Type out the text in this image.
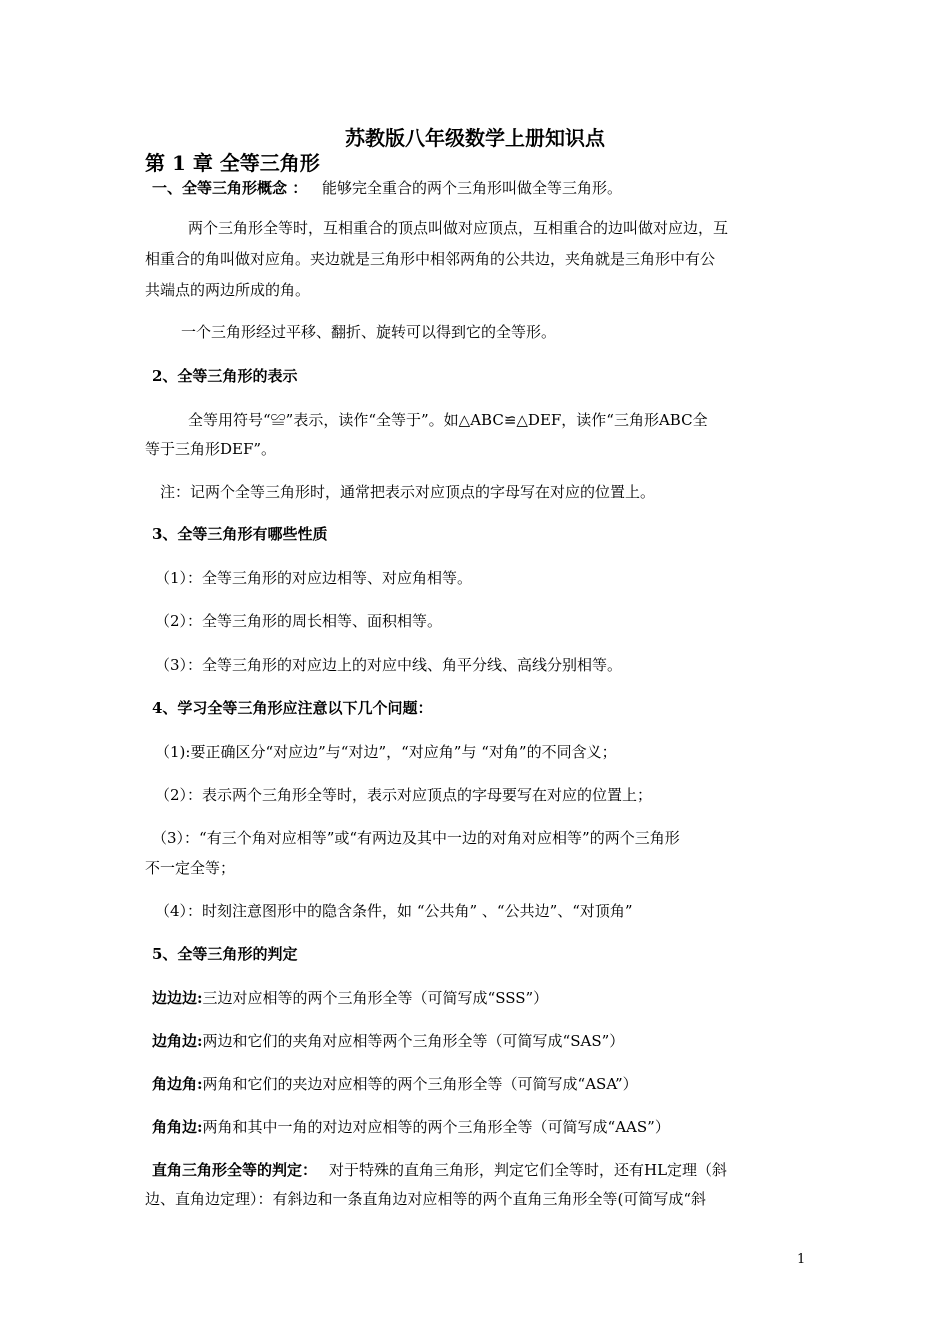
苏教版八年级数学上册知识点
第 1 章 全等三角形
一、全等三角形概念 ： 能够完全重合的两个三角形叫做全等三角形。
两个三角形全等时，互相重合的顶点叫做对应顶点，互相重合的边叫做对应边，互
相重合的角叫做对应角。夹边就是三角形中相邻两角的公共边，夹角就是三角形中有公
共端点的两边所成的角。
一个三角形经过平移、翻折、旋转可以得到它的全等形。
2、全等三角形的表示
全等用符号“≌”表示，读作“全等于”。如△ABC≌△DEF，读作“三角形ABC全
等于三角形DEF”。
注：记两个全等三角形时，通常把表示对应顶点的字母写在对应的位置上。
3、全等三角形有哪些性质
（1）：全等三角形的对应边相等、对应角相等。
（2）：全等三角形的周长相等、面积相等。
（3）：全等三角形的对应边上的对应中线、角平分线、高线分别相等。
4、学习全等三角形应注意以下几个问题：
（1):要正确区分“对应边”与“对边”，“对应角”与 “对角”的不同含义；
（2）：表示两个三角形全等时，表示对应顶点的字母要写在对应的位置上；
（3）：“有三个角对应相等”或“有两边及其中一边的对角对应相等”的两个三角形
不一定全等；
（4）：时刻注意图形中的隐含条件，如 “公共角” 、“公共边”、“对顶角”
5、全等三角形的判定
边边边:三边对应相等的两个三角形全等（可简写成“SSS”）
边角边:两边和它们的夹角对应相等两个三角形全等（可简写成“SAS”）
角边角:两角和它们的夹边对应相等的两个三角形全等（可简写成“ASA”）
角角边:两角和其中一角的对边对应相等的两个三角形全等（可简写成“AAS”）
直角三角形全等的判定： 对于特殊的直角三角形，判定它们全等时，还有HL定理（斜
边、直角边定理）：有斜边和一条直角边对应相等的两个直角三角形全等(可简写成“斜
1
